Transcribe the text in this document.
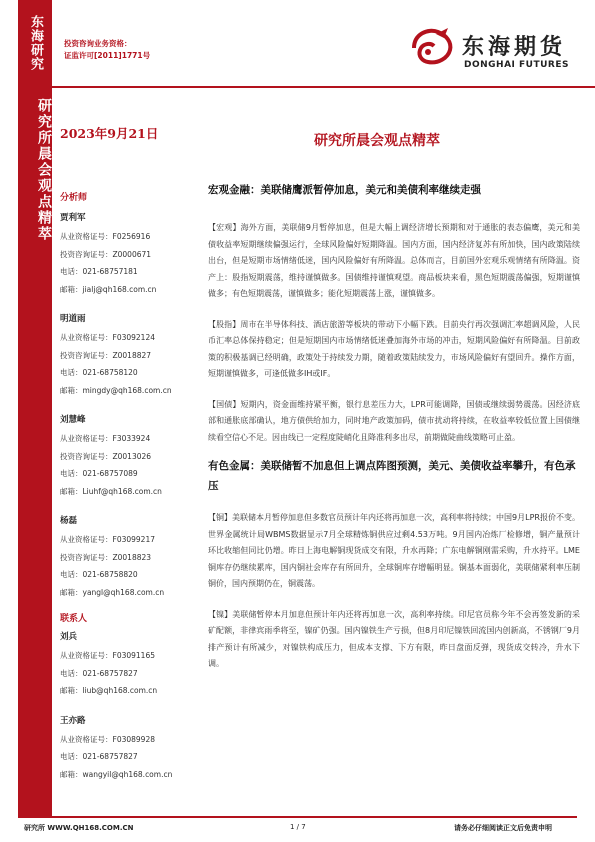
东海研究	投资咨询业务资格：
证监许可[2011]1771号	东海期货
DONGHAI FUTURES
研究所晨会观点精萃 2023年9月21日	研究所晨会观点精萃
分析师
贾利军
从业资格证号：F0256916
投资咨询证号：Z0000671
电话：021-68757181
邮箱：jialj@qh168.com.cn
明道雨
从业资格证号：F03092124
投资咨询证号：Z0018827
电话：021-68758120
邮箱：mingdy@qh168.com.cn
刘慧峰
从业资格证号：F3033924
投资咨询证号：Z0013026
电话：021-68757089
邮箱：Liuhf@qh168.com.cn
杨磊
从业资格证号：F03099217
投资咨询证号：Z0018823
电话：021-68758820
邮箱：yangl@qh168.com.cn
联系人
刘兵
从业资格证号：F03091165
电话：021-68757827
邮箱：liub@qh168.com.cn
王亦路
从业资格证号：F03089928
电话：021-68757827
邮箱：wangyil@qh168.com.cn
宏观金融：美联储鹰派暂停加息，美元和美债利率继续走强

【宏观】海外方面，美联储9月暂停加息，但是大幅上调经济增长预期和对于通胀的表态偏鹰，美元和美债收益率短期继续偏强运行，全球风险偏好短期降温。国内方面，国内经济复苏有所加快，国内政策陆续出台，但是短期市场情绪低迷，国内风险偏好有所降温。总体而言，目前国外宏观乐观情绪有所降温。资产上：股指短期震荡，维持谨慎做多。国债维持谨慎观望。商品板块来看，黑色短期震荡偏强，短期谨慎做多；有色短期震荡，谨慎做多；能化短期震荡上涨，谨慎做多。

【股指】周市在半导体科技、酒店旅游等板块的带动下小幅下跌。目前央行再次强调汇率超调风险，人民币汇率总体保持稳定；但是短期国内市场情绪低迷叠加海外市场的冲击，短期风险偏好有所降温。目前政策的积极基调已经明确，政策处于持续发力期，随着政策陆续发力，市场风险偏好有望回升。操作方面，短期谨慎做多，可逢低做多IH或IF。

【国债】短期内，资金面维持紧平衡，银行息差压力大，LPR可能调降，国债或继续弱势震荡。因经济底部和通胀底部确认，地方债供给加力，同时地产政策加码，债市扰动将持续，在收益率较低位置上国债继续看空信心不足。因由线已一定程度陡峭化且降准利多出尽，前期做陡曲线策略可止盈。

有色金属：美联储暂不加息但上调点阵图预测，美元、美债收益率攀升，有色承压

【铜】美联储本月暂停加息但多数官员预计年内还将再加息一次，高利率将持续；中国9月LPR报价不变。世界金属统计局WBMS数据显示7月全球精炼铜供应过剩4.53万吨。9月国内冶炼厂检修增，铜产量预计环比收缩但同比仍增。昨日上海电解铜现货成交有限，升水再降；广东电解铜刚需采购，升水持平。LME铜库存仍继续累库，国内铜社会库存有所回升，全球铜库存增幅明显。铜基本面弱化，美联储紧利率压制铜价，国内预期仍在，铜震荡。

【镍】美联储暂停本月加息但预计年内还将再加息一次，高利率持续。印尼官员称今年不会再签发新的采矿配额，非律宾雨季将至，镍矿仍强。国内镍铁生产亏损，但8月印尼镍铁回流国内创新高，不锈钢厂9月排产预计有所减少，对镍铁构成压力，但成本支撑、下方有限，昨日盘面反弹，现货成交转冷，升水下调。

研究所 WWW.QH168.COM.CN	1 / 7	请务必仔细阅读正文后免责申明
